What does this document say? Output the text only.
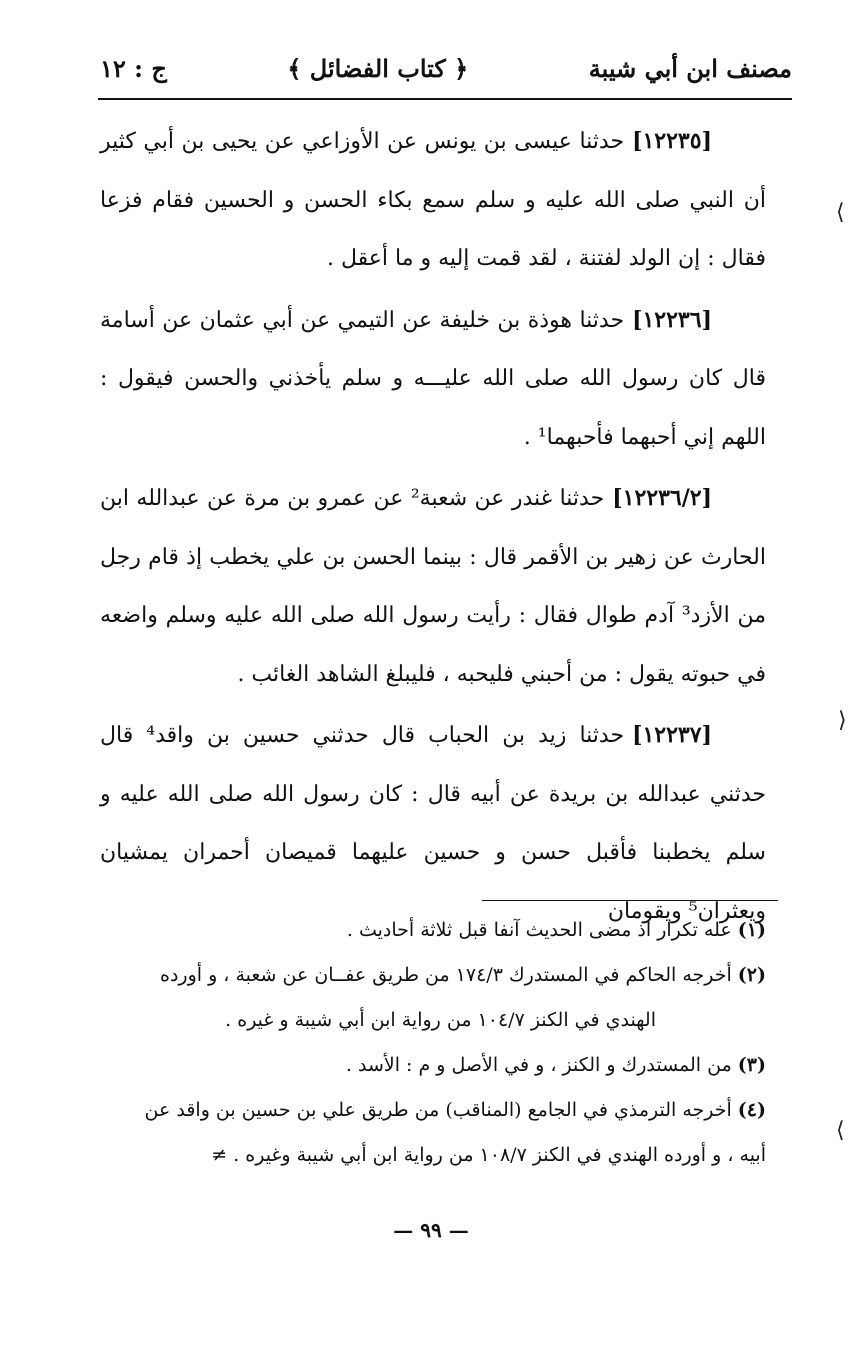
مصنف ابن أبي شيبة
﴿ كتاب الفضائل ﴾
ج : ١٢

[١٢٢٣٥]حدثنا عيسى بن يونس عن الأوزاعي عن يحيى بن أبي كثير أن النبي صلى الله عليه و سلم سمع بكاء الحسن و الحسين فقام فزعا فقال : إن الولد لفتنة ، لقد قمت إليه و ما أعقل .

[١٢٢٣٦]حدثنا هوذة بن خليفة عن التيمي عن أبي عثمان عن أسامة قال كان رسول الله صلى الله عليـــه و سلم يأخذني والحسن فيقول : اللهم إني أحبهما فأحبهما¹ .

[١٢٢٣٦/٢]حدثنا غندر عن شعبة² عن عمرو بن مرة عن عبدالله ابن الحارث عن زهير بن الأقمر قال : بينما الحسن بن علي يخطب إذ قام رجل من الأزد³ آدم طوال فقال : رأيت رسول الله صلى الله عليه وسلم واضعه في حبوته يقول : من أحبني فليحبه ، فليبلغ الشاهد الغائب .

[١٢٢٣٧]حدثنا زيد بن الحباب قال حدثني حسين بن واقد⁴ قال حدثني عبدالله بن بريدة عن أبيه قال : كان رسول الله صلى الله عليه و سلم يخطبنا فأقبل حسن و حسين عليهما قميصان أحمران يمشيان ويعثران⁵ ويقومان

(١)عله تكرار اذ مضى الحديث آنفا قبل ثلاثة أحاديث .

(٢)أخرجه الحاكم في المستدرك ١٧٤/٣ من طريق عفــان عن شعبة ، و أورده
الهندي في الكنز ١٠٤/٧ من رواية ابن أبي شيبة و غيره .

(٣)من المستدرك و الكنز ، و في الأصل و م : الأسد .

(٤)أخرجه الترمذي في الجامع (المناقب) من طريق علي بن حسين بن واقد عن
أبيه ، و أورده الهندي في الكنز ١٠٨/٧ من رواية ابن أبي شيبة وغيره . ≠

— ٩٩ —
⟩
⟨
⟩
